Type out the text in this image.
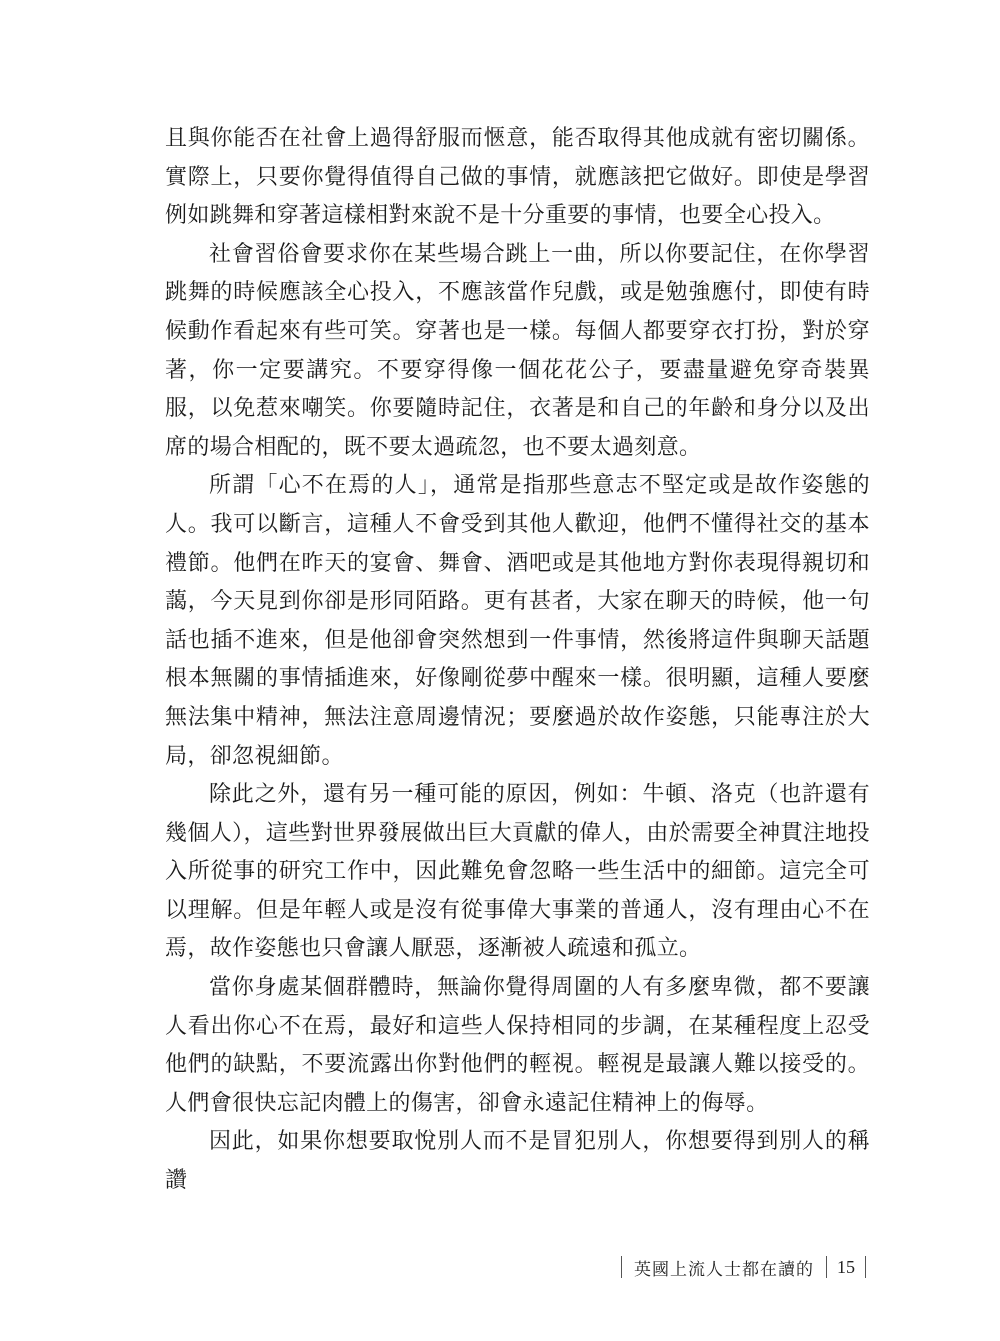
且與你能否在社會上過得舒服而愜意，能否取得其他成就有密切關係。實際上，只要你覺得值得自己做的事情，就應該把它做好。即使是學習例如跳舞和穿著這樣相對來說不是十分重要的事情，也要全心投入。

社會習俗會要求你在某些場合跳上一曲，所以你要記住，在你學習跳舞的時候應該全心投入，不應該當作兒戲，或是勉強應付，即使有時候動作看起來有些可笑。穿著也是一樣。每個人都要穿衣打扮，對於穿著，你一定要講究。不要穿得像一個花花公子，要盡量避免穿奇裝異服，以免惹來嘲笑。你要隨時記住，衣著是和自己的年齡和身分以及出席的場合相配的，既不要太過疏忽，也不要太過刻意。

所謂「心不在焉的人」，通常是指那些意志不堅定或是故作姿態的人。我可以斷言，這種人不會受到其他人歡迎，他們不懂得社交的基本禮節。他們在昨天的宴會、舞會、酒吧或是其他地方對你表現得親切和藹，今天見到你卻是形同陌路。更有甚者，大家在聊天的時候，他一句話也插不進來，但是他卻會突然想到一件事情，然後將這件與聊天話題根本無關的事情插進來，好像剛從夢中醒來一樣。很明顯，這種人要麼無法集中精神，無法注意周邊情況；要麼過於故作姿態，只能專注於大局，卻忽視細節。

除此之外，還有另一種可能的原因，例如：牛頓、洛克（也許還有幾個人），這些對世界發展做出巨大貢獻的偉人，由於需要全神貫注地投入所從事的研究工作中，因此難免會忽略一些生活中的細節。這完全可以理解。但是年輕人或是沒有從事偉大事業的普通人，沒有理由心不在焉，故作姿態也只會讓人厭惡，逐漸被人疏遠和孤立。

當你身處某個群體時，無論你覺得周圍的人有多麼卑微，都不要讓人看出你心不在焉，最好和這些人保持相同的步調，在某種程度上忍受他們的缺點，不要流露出你對他們的輕視。輕視是最讓人難以接受的。人們會很快忘記肉體上的傷害，卻會永遠記住精神上的侮辱。

因此，如果你想要取悅別人而不是冒犯別人，你想要得到別人的稱讚

英國上流人士都在讀的	15
